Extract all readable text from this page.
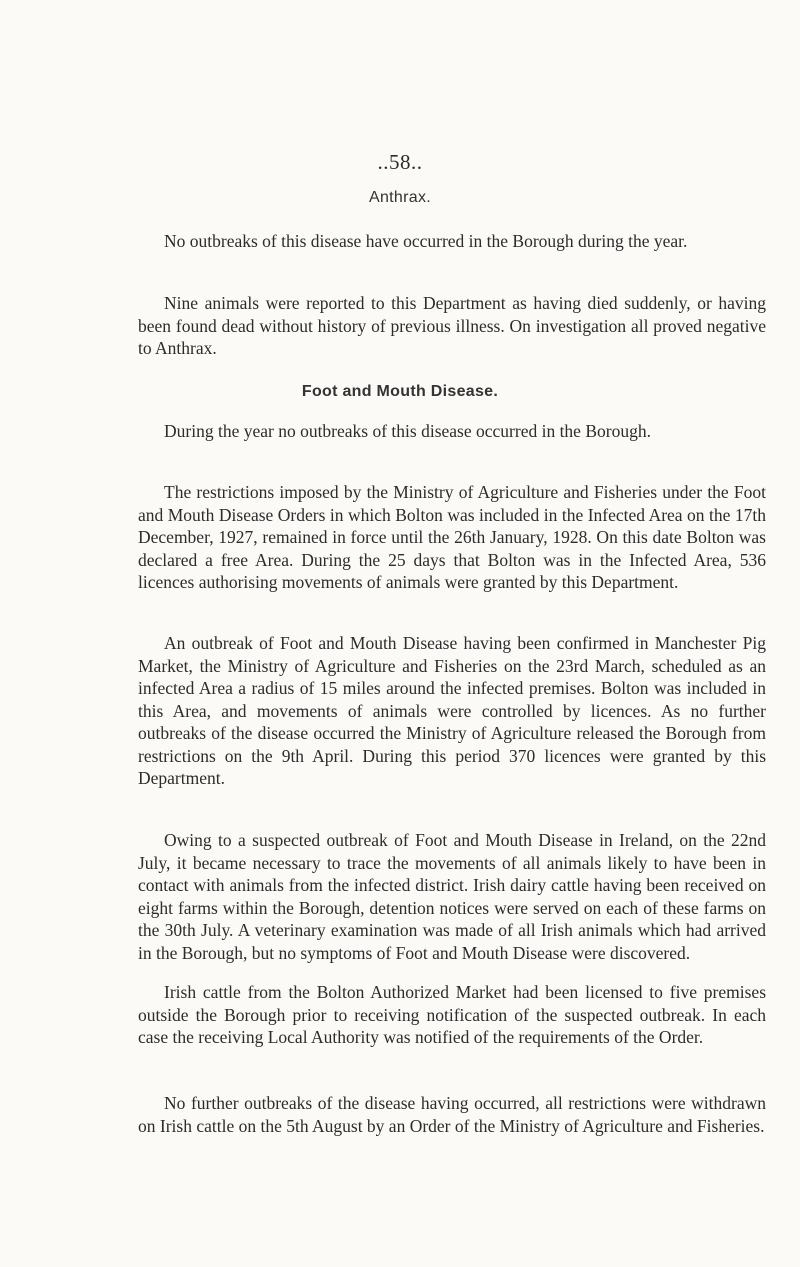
..58..
Anthrax.

No outbreaks of this disease have occurred in the Borough during the year.

Nine animals were reported to this Department as having died suddenly, or having been found dead without history of previous illness. On investigation all proved negative to Anthrax.

Foot and Mouth Disease.

During the year no outbreaks of this disease occurred in the Borough.

The restrictions imposed by the Ministry of Agriculture and Fisheries under the Foot and Mouth Disease Orders in which Bolton was included in the Infected Area on the 17th December, 1927, remained in force until the 26th January, 1928. On this date Bolton was declared a free Area. During the 25 days that Bolton was in the Infected Area, 536 licences authorising movements of animals were granted by this Department.

An outbreak of Foot and Mouth Disease having been confirmed in Manchester Pig Market, the Ministry of Agriculture and Fisheries on the 23rd March, scheduled as an infected Area a radius of 15 miles around the infected premises. Bolton was included in this Area, and movements of animals were controlled by licences. As no further outbreaks of the disease occurred the Ministry of Agriculture released the Borough from restrictions on the 9th April. During this period 370 licences were granted by this Department.

Owing to a suspected outbreak of Foot and Mouth Disease in Ireland, on the 22nd July, it became necessary to trace the movements of all animals likely to have been in contact with animals from the infected district. Irish dairy cattle having been received on eight farms within the Borough, detention notices were served on each of these farms on the 30th July. A veterinary examination was made of all Irish animals which had arrived in the Borough, but no symptoms of Foot and Mouth Disease were discovered.

Irish cattle from the Bolton Authorized Market had been licensed to five premises outside the Borough prior to receiving notification of the suspected outbreak. In each case the receiving Local Authority was notified of the requirements of the Order.

No further outbreaks of the disease having occurred, all restrictions were withdrawn on Irish cattle on the 5th August by an Order of the Ministry of Agriculture and Fisheries.
